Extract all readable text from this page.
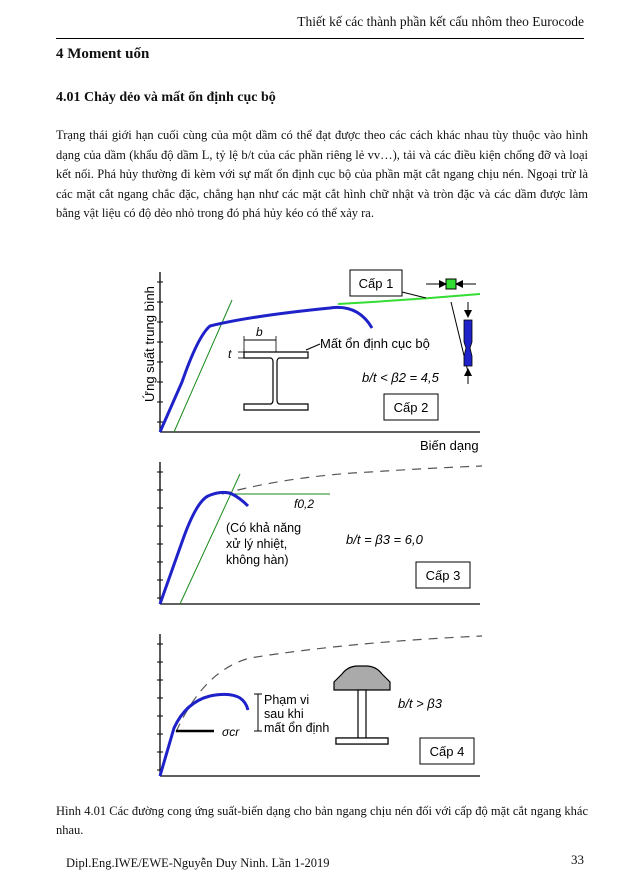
Thiết kế các thành phần kết cấu nhôm theo Eurocode
4 Moment uốn
4.01 Chảy dẻo và mất ổn định cục bộ
Trạng thái giới hạn cuối cùng của một dầm có thể đạt được theo các cách khác nhau tùy thuộc vào hình dạng của dầm (khẩu độ dầm L, tỷ lệ b/t của các phần riêng lẻ vv…), tải và các điều kiện chống đỡ và loại kết nối. Phá hủy thường đi kèm với sự mất ổn định cục bộ của phần mặt cắt ngang chịu nén. Ngoại trừ là các mặt cắt ngang chắc đặc, chẳng hạn như các mặt cắt hình chữ nhật và tròn đặc và các dầm được làm bằng vật liệu có độ dẻo nhỏ trong đó phá hủy kéo có thể xảy ra.
Ứng suất trung bình
Biến dạng
Cấp 1
Mất ổn định cục bộ
b
t
b/t < β2 = 4,5
Cấp 2
f0,2
(Có khả năng
xử lý nhiệt,
không hàn)
b/t = β3 = 6,0
Cấp 3
σcr
Phạm vi
sau khi
mất ổn định
b/t > β3
Cấp 4
Hình 4.01 Các đường cong ứng suất-biến dạng cho bản ngang chịu nén đối với cấp độ mặt cắt ngang khác nhau.
Dipl.Eng.IWE/EWE-Nguyễn Duy Ninh. Lần 1-2019	33
